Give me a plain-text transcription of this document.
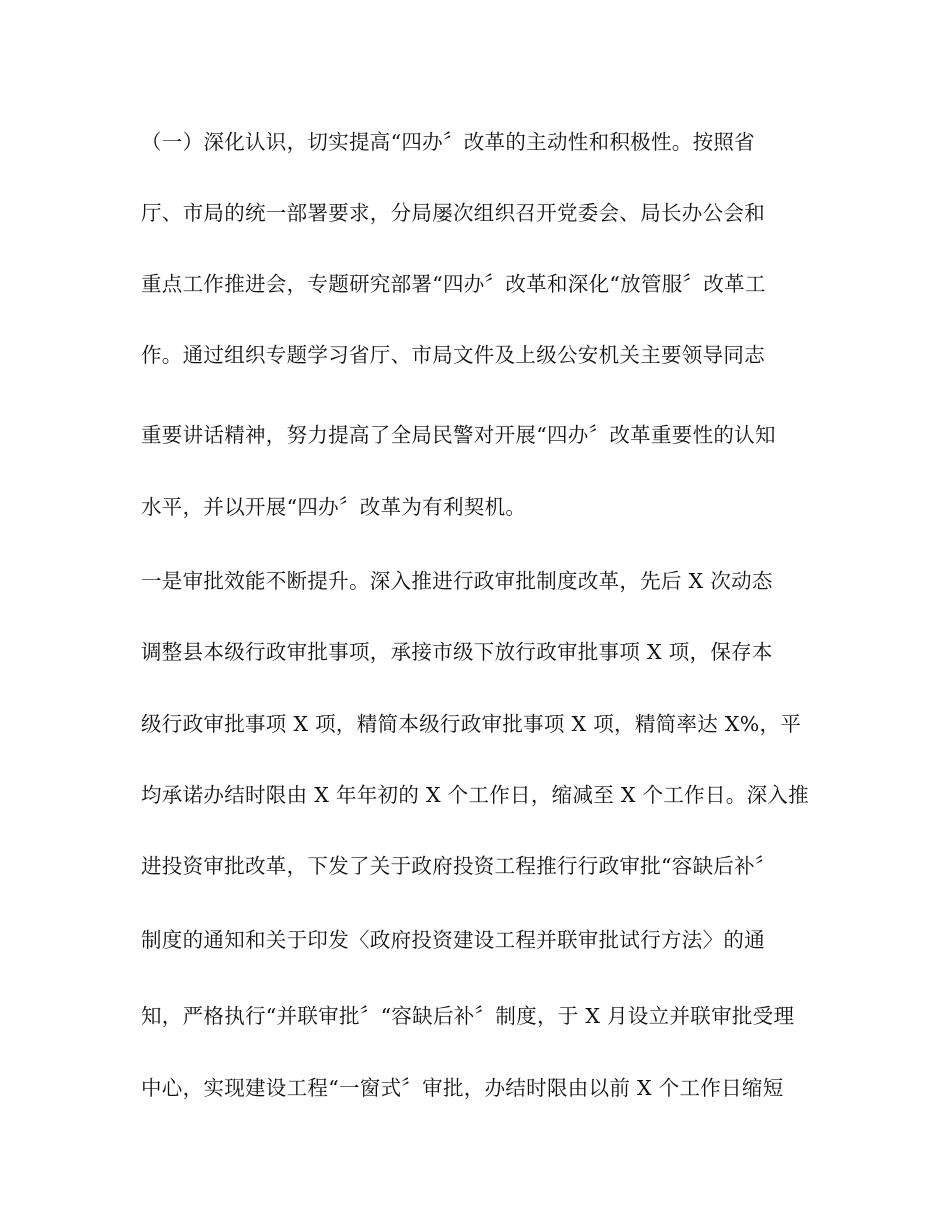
（一）深化认识，切实提高“四办〞改革的主动性和积极性。按照省
厅、市局的统一部署要求，分局屡次组织召开党委会、局长办公会和
重点工作推进会，专题研究部署“四办〞改革和深化“放管服〞改革工
作。通过组织专题学习省厅、市局文件及上级公安机关主要领导同志
重要讲话精神，努力提高了全局民警对开展“四办〞改革重要性的认知
水平，并以开展“四办〞改革为有利契机。
一是审批效能不断提升。深入推进行政审批制度改革，先后 X 次动态
调整县本级行政审批事项，承接市级下放行政审批事项 X 项，保存本
级行政审批事项 X 项，精简本级行政审批事项 X 项，精简率达 X%，平
均承诺办结时限由 X 年年初的 X 个工作日，缩减至 X 个工作日。深入推
进投资审批改革，下发了关于政府投资工程推行行政审批“容缺后补〞
制度的通知和关于印发〈政府投资建设工程并联审批试行方法〉的通
知，严格执行“并联审批〞“容缺后补〞制度，于 X 月设立并联审批受理
中心，实现建设工程“一窗式〞审批，办结时限由以前 X 个工作日缩短
